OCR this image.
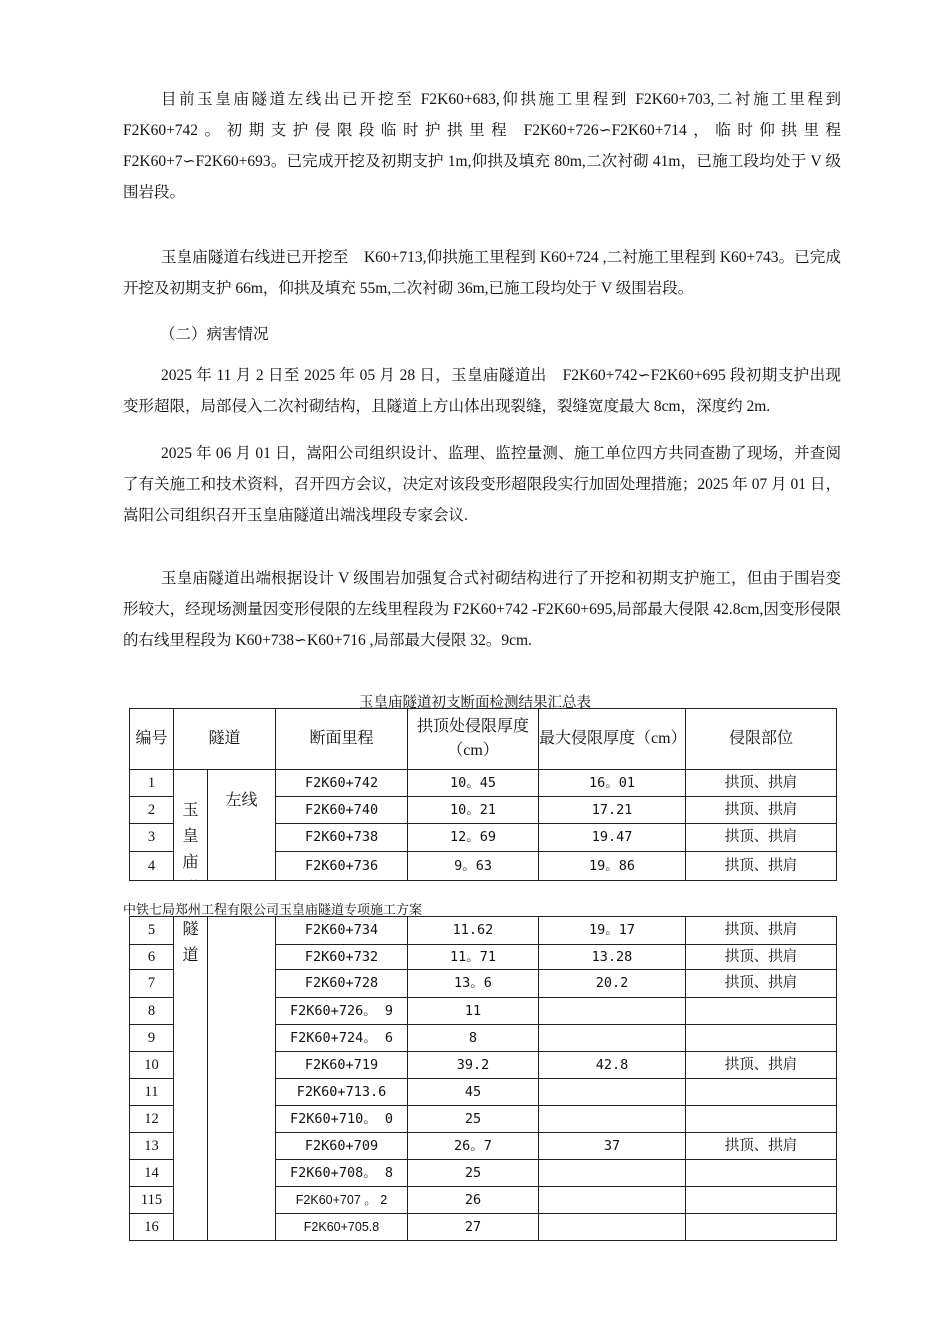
目前玉皇庙隧道左线出已开挖至 F2K60+683,仰拱施工里程到 F2K60+703,二衬施工里程到 F2K60+742。初期支护侵限段临时护拱里程 F2K60+726∽F2K60+714，临时仰拱里程 F2K60+7∽F2K60+693。已完成开挖及初期支护 1m,仰拱及填充 80m,二次衬砌 41m，已施工段均处于 V 级围岩段。

玉皇庙隧道右线进已开挖至　K60+713,仰拱施工里程到 K60+724 ,二衬施工里程到 K60+743。已完成开挖及初期支护 66m，仰拱及填充 55m,二次衬砌 36m,已施工段均处于 V 级围岩段。

（二）病害情况

2025 年 11 月 2 日至 2025 年 05 月 28 日，玉皇庙隧道出　F2K60+742∽F2K60+695 段初期支护出现变形超限，局部侵入二次衬砌结构，且隧道上方山体出现裂缝，裂缝宽度最大 8cm，深度约 2m.

2025 年 06 月 01 日，嵩阳公司组织设计、监理、监控量测、施工单位四方共同查勘了现场，并查阅了有关施工和技术资料，召开四方会议，决定对该段变形超限段实行加固处理措施；2025 年 07 月 01 日，嵩阳公司组织召开玉皇庙隧道出端浅埋段专家会议.

玉皇庙隧道出端根据设计 V 级围岩加强复合式衬砌结构进行了开挖和初期支护施工，但由于围岩变形较大，经现场测量因变形侵限的左线里程段为 F2K60+742 -F2K60+695,局部最大侵限 42.8cm,因变形侵限的右线里程段为 K60+738∽K60+716 ,局部最大侵限 32。9cm.

玉皇庙隧道初支断面检测结果汇总表
编号	隧道		断面里程	拱顶处侵限厚度（cm）	最大侵限厚度（cm）	侵限部位
1	玉皇庙	左线	F2K60+742	10。45	16。01	拱顶、拱肩
2			F2K60+740	10。21	17.21	拱顶、拱肩
3			F2K60+738	12。69	19.47	拱顶、拱肩
4			F2K60+736	9。63	19。86	拱顶、拱肩
中铁七局郑州工程有限公司玉皇庙隧道专项施工方案
5	隧道		F2K60+734	11.62	19。17	拱顶、拱肩
6			F2K60+732	11。71	13.28	拱顶、拱肩
7			F2K60+728	13。6	20.2	拱顶、拱肩
8			F2K60+726。 9	11		
9			F2K60+724。 6	8		
10			F2K60+719	39.2	42.8	拱顶、拱肩
11			F2K60+713.6	45		
12			F2K60+710。 0	25		
13			F2K60+709	26。7	37	拱顶、拱肩
14			F2K60+708。 8	25		
115			F2K60+707 。 2	26		
16			F2K60+705.8	27		
